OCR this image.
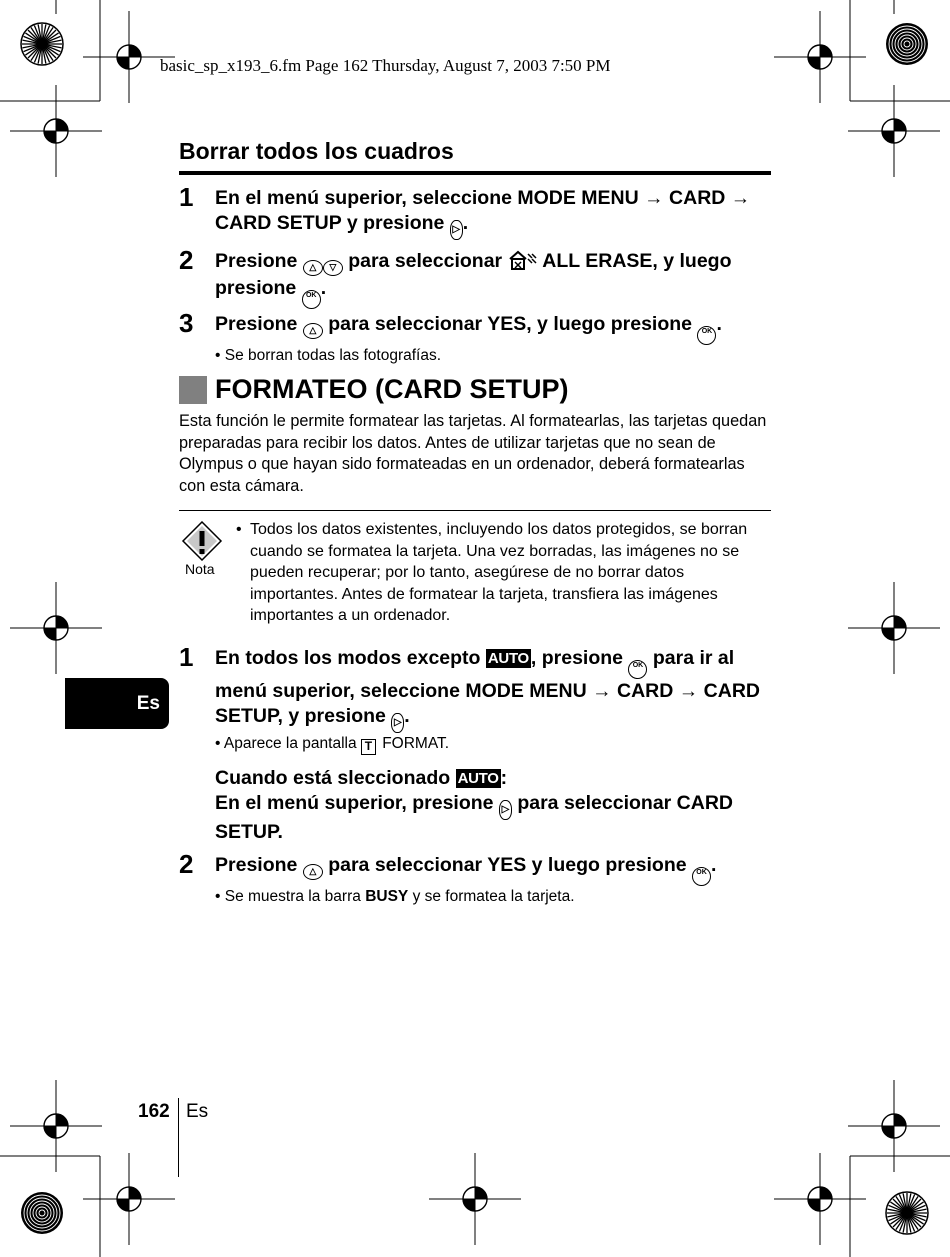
basic_sp_x193_6.fm Page 162 Thursday, August 7, 2003 7:50 PM
Borrar todos los cuadros
1 En el menú superior, seleccione MODE MENU → CARD → CARD SETUP y presione ▷ .
2 Presione △ ▽ para seleccionar  ALL ERASE, y luego presione OK .
3 Presione △ para seleccionar YES, y luego presione OK .
• Se borran todas las fotografías.
FORMATEO (CARD SETUP)
Esta función le permite formatear las tarjetas. Al formatearlas, las tarjetas quedan preparadas para recibir los datos. Antes de utilizar tarjetas que no sean de Olympus o que hayan sido formateadas en un ordenador, deberá formatearlas con esta cámara.
Nota
• Todos los datos existentes, incluyendo los datos protegidos, se borran cuando se formatea la tarjeta. Una vez borradas, las imágenes no se pueden recuperar; por lo tanto, asegúrese de no borrar datos importantes. Antes de formatear la tarjeta, transfiera las imágenes importantes a un ordenador.
1 En todos los modos excepto AUTO , presione OK para ir al menú superior, seleccione MODE MENU → CARD → CARD SETUP, y presione ▷ .
• Aparece la pantalla T FORMAT.
Cuando está sleccionado AUTO :
En el menú superior, presione ▷ para seleccionar CARD SETUP.
2 Presione △ para seleccionar YES y luego presione OK .
• Se muestra la barra BUSY y se formatea la tarjeta.
Es
162 Es
